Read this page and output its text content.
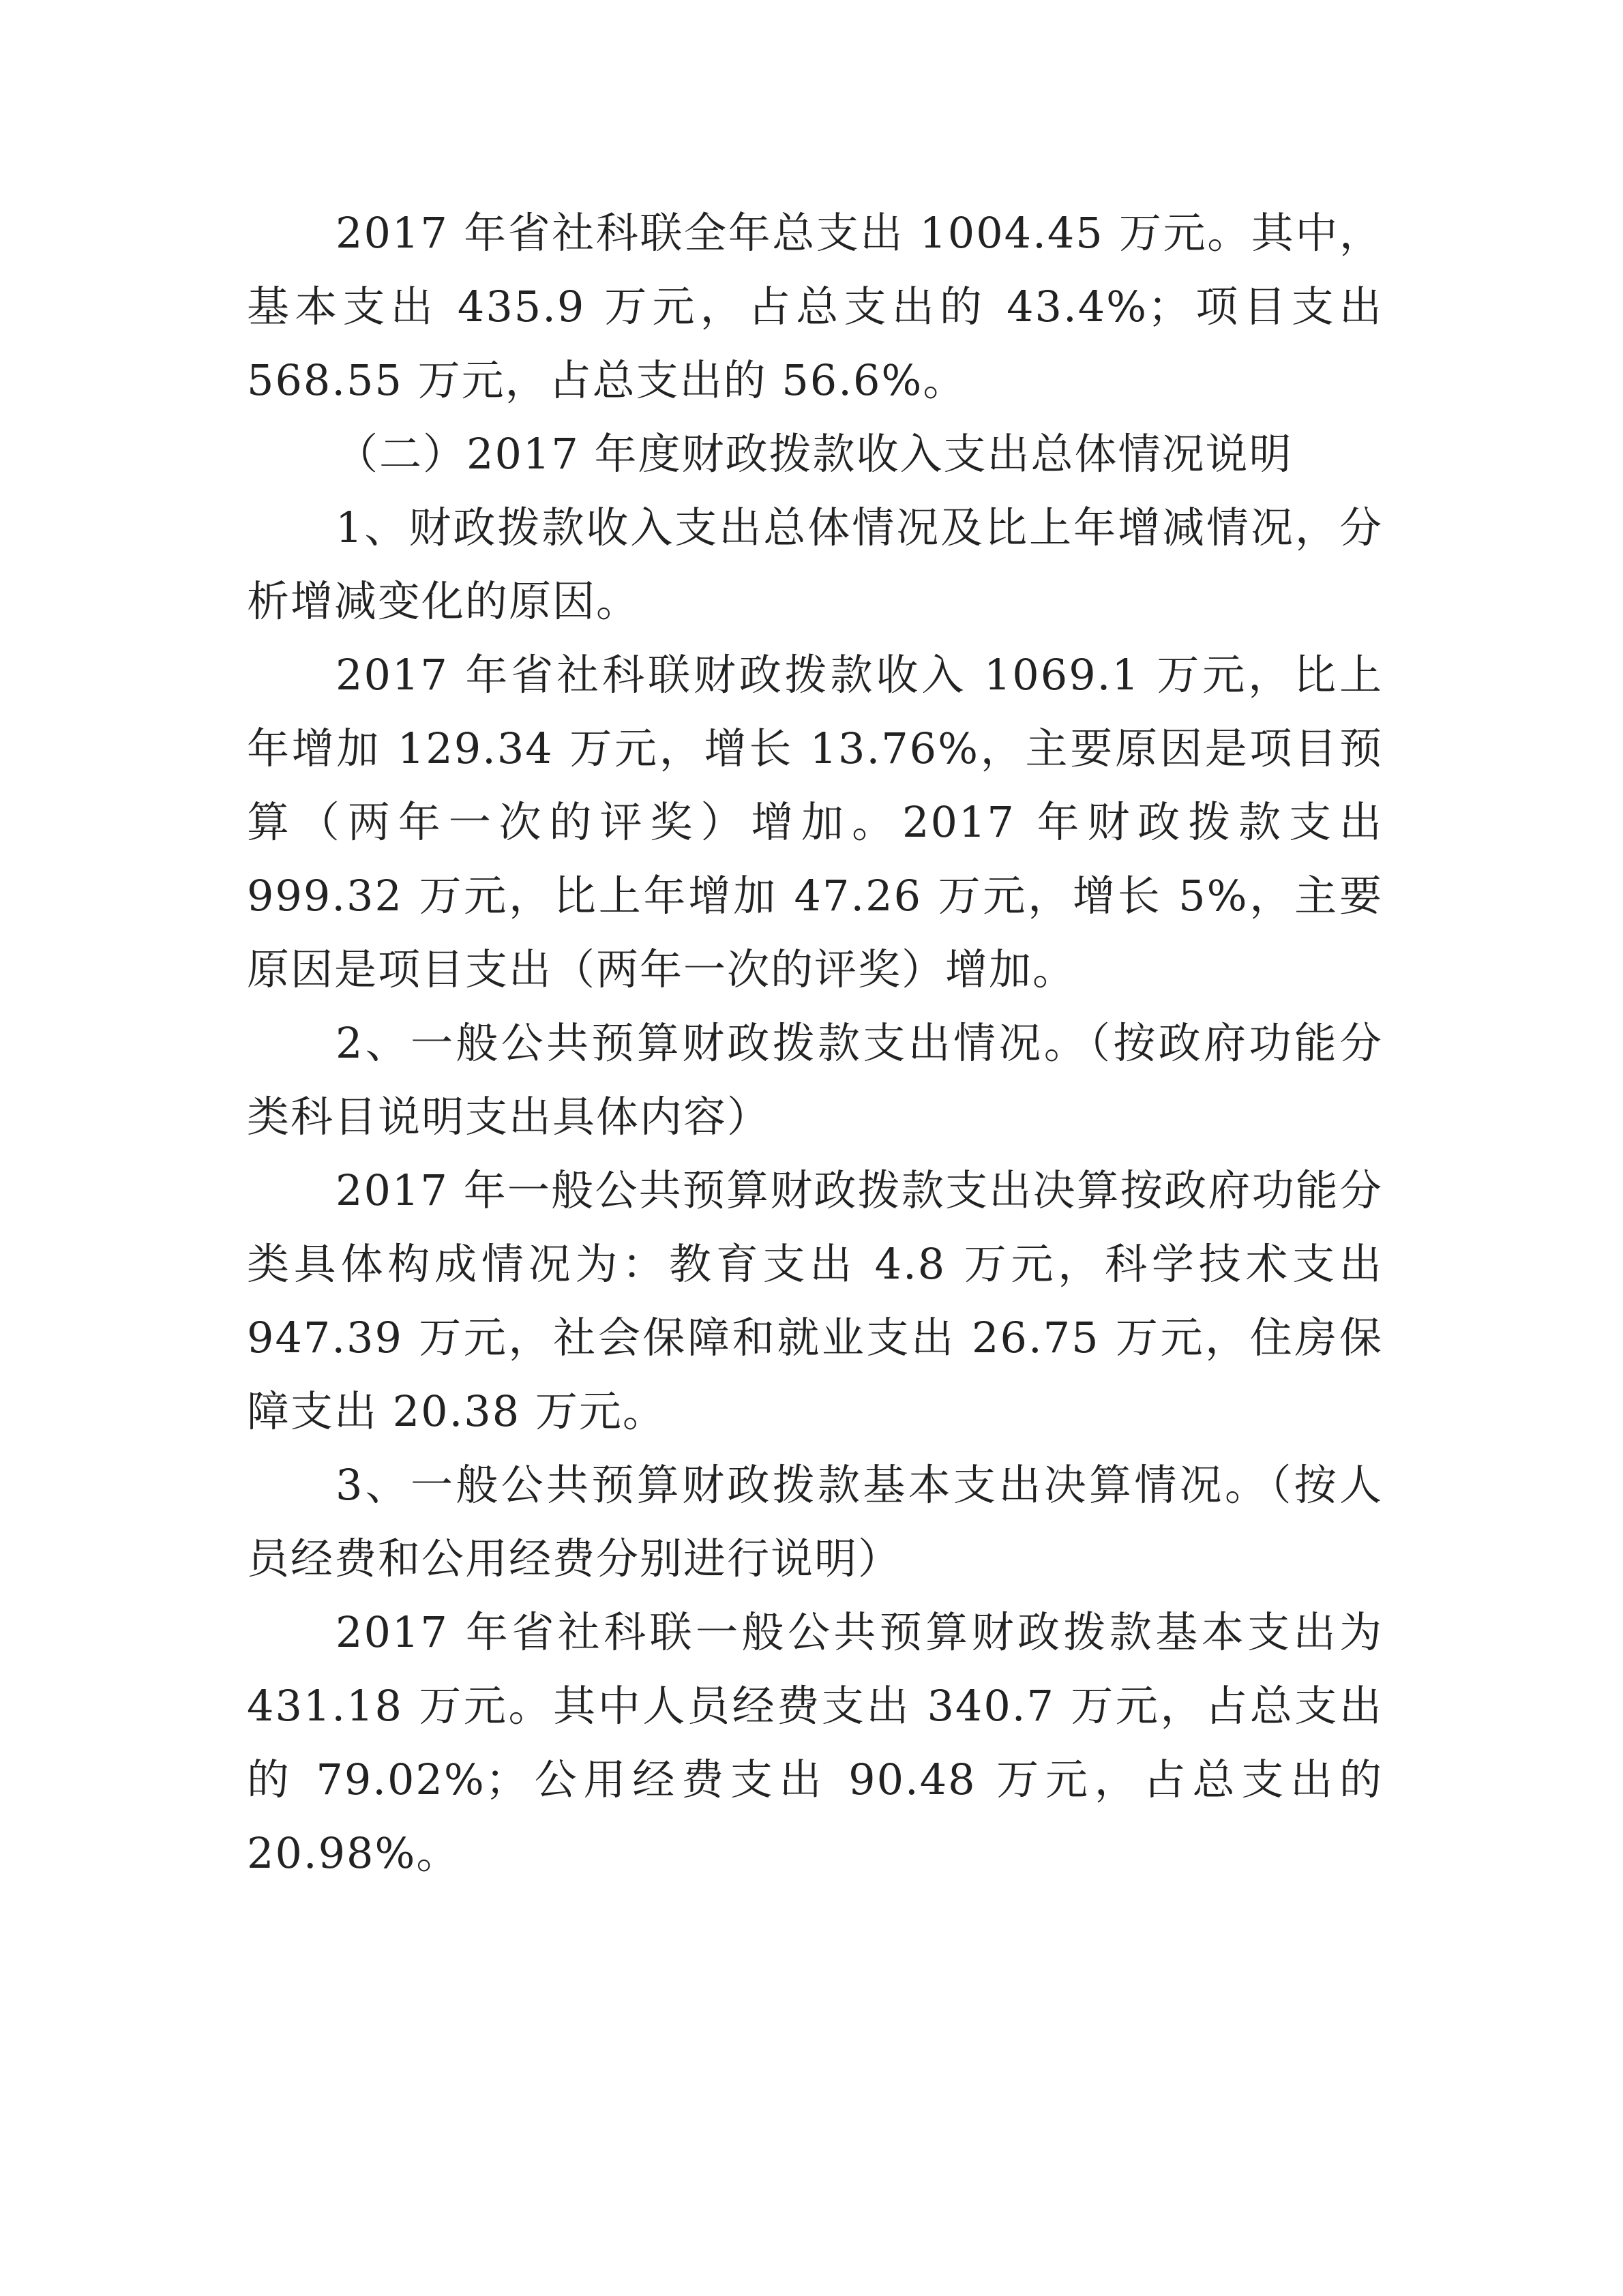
2017 年省社科联全年总支出 1004.45 万元。其中，基本支出 435.9 万元，占总支出的 43.4%；项目支出 568.55 万元，占总支出的 56.6%。

（二）2017 年度财政拨款收入支出总体情况说明

1、财政拨款收入支出总体情况及比上年增减情况，分析增减变化的原因。

2017 年省社科联财政拨款收入 1069.1 万元，比上年增加 129.34 万元，增长 13.76%，主要原因是项目预算（两年一次的评奖）增加。2017 年财政拨款支出 999.32 万元，比上年增加 47.26 万元，增长 5%，主要原因是项目支出（两年一次的评奖）增加。

2、一般公共预算财政拨款支出情况。（按政府功能分类科目说明支出具体内容）

2017 年一般公共预算财政拨款支出决算按政府功能分类具体构成情况为：教育支出 4.8 万元，科学技术支出 947.39 万元，社会保障和就业支出 26.75 万元，住房保障支出 20.38 万元。

3、一般公共预算财政拨款基本支出决算情况。（按人员经费和公用经费分别进行说明）

2017 年省社科联一般公共预算财政拨款基本支出为 431.18 万元。其中人员经费支出 340.7 万元，占总支出的 79.02%；公用经费支出 90.48 万元，占总支出的 20.98%。
